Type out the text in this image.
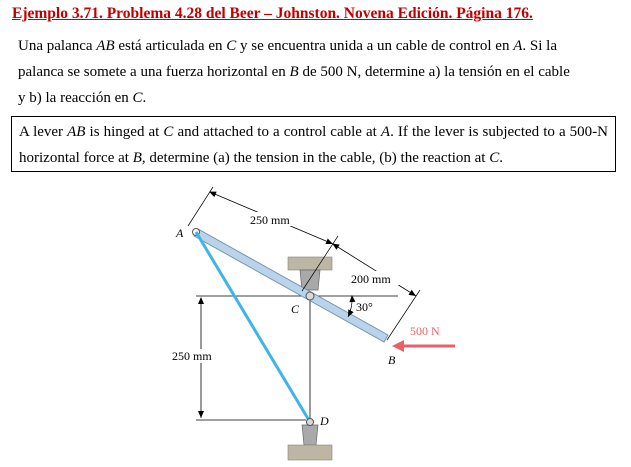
Ejemplo 3.71. Problema 4.28 del Beer – Johnston. Novena Edición. Página 176.
Una palanca AB está articulada en C y se encuentra unida a un cable de control en A. Si la
palanca se somete a una fuerza horizontal en B de 500 N, determine a) la tensión en el cable
y b) la reacción en C.
A lever AB is hinged at C and attached to a control cable at A. If the lever is subjected to a 500-N horizontal force at B, determine (a) the tension in the cable, (b) the reaction at C.
250 mm
200 mm
30°
500 N
250 mm
A
C
B
D
